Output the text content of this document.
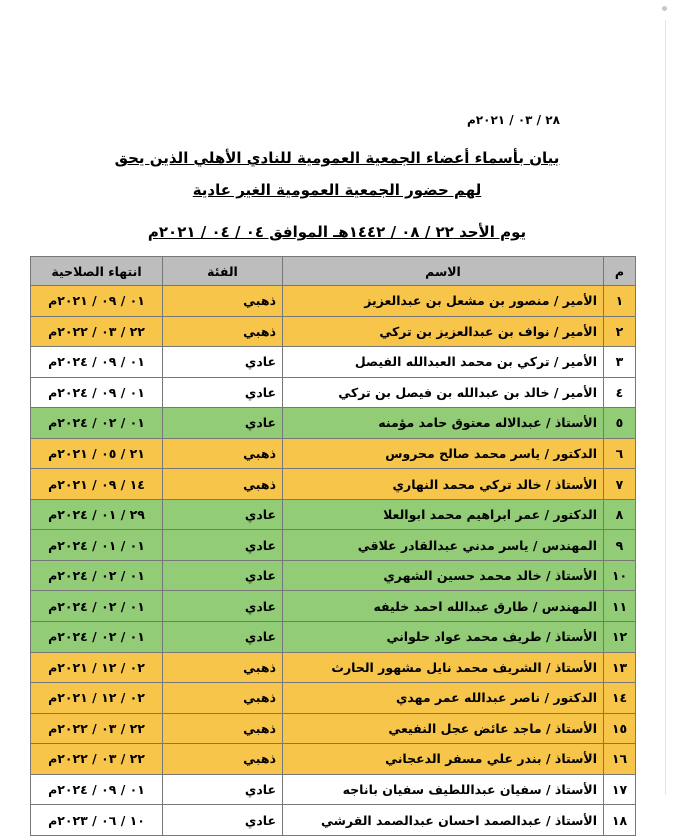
٢٨ / ٠٣ / ٢٠٢١م
بيان بأسماء أعضاء الجمعية العمومية للنادي الأهلي الذين يحق
لهم حضور الجمعية العمومية الغير عادية
يوم الأحد ٢٢ / ٠٨ / ١٤٤٢هـ الموافق ٠٤ / ٠٤ / ٢٠٢١م
م	الاسم	الفئة	انتهاء الصلاحية
١	الأمير / منصور بن مشعل بن عبدالعزيز	ذهبي	٠١ / ٠٩ / ٢٠٢١م
٢	الأمير / نواف بن عبدالعزيز بن تركي	ذهبي	٢٢ / ٠٣ / ٢٠٢٢م
٣	الأمير / تركي بن محمد العبدالله الفيصل	عادي	٠١ / ٠٩ / ٢٠٢٤م
٤	الأمير / خالد بن عبدالله بن فيصل بن تركي	عادي	٠١ / ٠٩ / ٢٠٢٤م
٥	الأستاذ / عبدالاله معتوق حامد مؤمنه	عادي	٠١ / ٠٢ / ٢٠٢٤م
٦	الدكتور / ياسر محمد صالح محروس	ذهبي	٢١ / ٠٥ / ٢٠٢١م
٧	الأستاذ / خالد تركي محمد النهاري	ذهبي	١٤ / ٠٩ / ٢٠٢١م
٨	الدكتور / عمر ابراهيم محمد ابوالعلا	عادي	٢٩ / ٠١ / ٢٠٢٤م
٩	المهندس / ياسر مدني عبدالقادر علاقي	عادي	٠١ / ٠١ / ٢٠٢٤م
١٠	الأستاذ / خالد محمد حسين الشهري	عادي	٠١ / ٠٢ / ٢٠٢٤م
١١	المهندس / طارق عبدالله احمد خليفه	عادي	٠١ / ٠٢ / ٢٠٢٤م
١٢	الأستاذ / طريف محمد عواد حلواني	عادي	٠١ / ٠٢ / ٢٠٢٤م
١٣	الأستاذ / الشريف محمد نايل مشهور الحارث	ذهبي	٠٢ / ١٢ / ٢٠٢١م
١٤	الدكتور / ناصر عبدالله عمر مهدي	ذهبي	٠٢ / ١٢ / ٢٠٢١م
١٥	الأستاذ / ماجد عائض عجل النفيعي	ذهبي	٢٢ / ٠٣ / ٢٠٢٢م
١٦	الأستاذ / بندر علي مسفر الدعجاني	ذهبي	٢٢ / ٠٣ / ٢٠٢٢م
١٧	الأستاذ / سفيان عبداللطيف سفيان باناجه	عادي	٠١ / ٠٩ / ٢٠٢٤م
١٨	الأستاذ / عبدالصمد احسان عبدالصمد القرشي	عادي	١٠ / ٠٦ / ٢٠٢٣م
